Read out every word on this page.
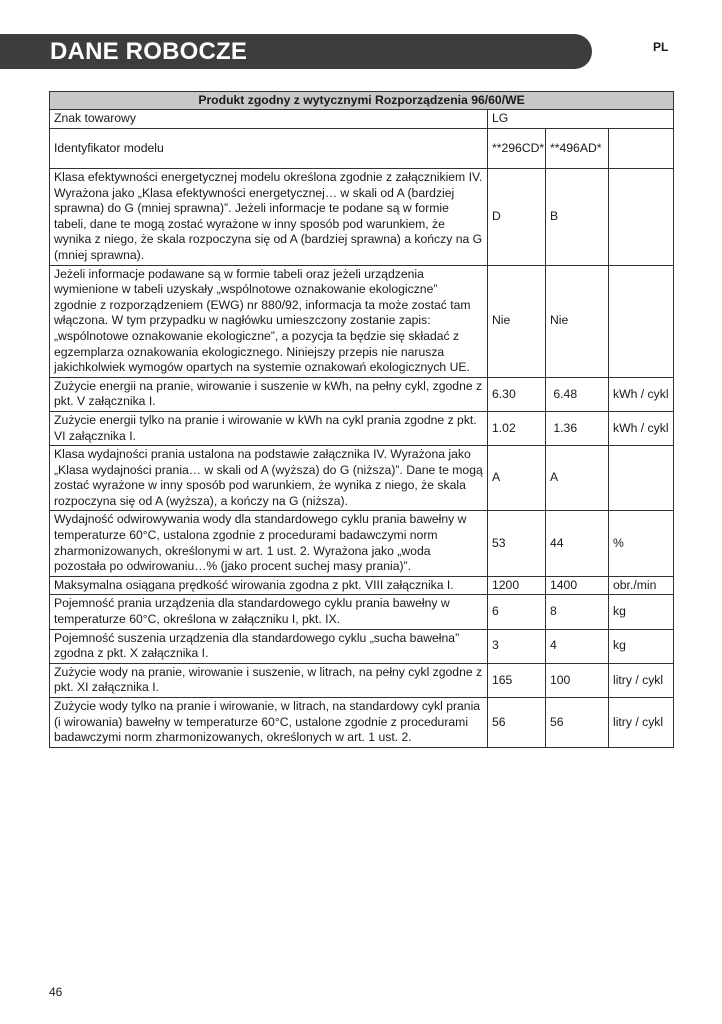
DANE ROBOCZE	PL
Produkt zgodny z wytycznymi Rozporządzenia 96/60/WE			
Znak towarowy	LG		
Identyfikator modelu	**296CD*	**496AD*	
Klasa efektywności energetycznej modelu określona zgodnie z załącznikiem IV. Wyrażona jako „Klasa efektywności energetycznej… w skali od A (bardziej sprawna) do G (mniej sprawna)”. Jeżeli informacje te podane są w formie tabeli, dane te mogą zostać wyrażone w inny sposób pod warunkiem, że wynika z niego, że skala rozpoczyna się od A (bardziej sprawna) a kończy na G (mniej sprawna).	D	B	
Jeżeli informacje podawane są w formie tabeli oraz jeżeli urządzenia wymienione w tabeli uzyskały „wspólnotowe oznakowanie ekologiczne” zgodnie z rozporządzeniem (EWG) nr 880/92, informacja ta może zostać tam włączona. W tym przypadku w nagłówku umieszczony zostanie zapis: „wspólnotowe oznakowanie ekologiczne”, a pozycja ta będzie się składać z egzemplarza oznakowania ekologicznego. Niniejszy przepis nie narusza jakichkolwiek wymogów opartych na systemie oznakowań ekologicznych UE.	Nie	Nie	
Zużycie energii na pranie, wirowanie i suszenie w kWh, na pełny cykl, zgodne z pkt. V załącznika I.	6.30	6.48	kWh / cykl
Zużycie energii tylko na pranie i wirowanie w kWh na cykl prania zgodne z pkt. VI załącznika I.	1.02	1.36	kWh / cykl
Klasa wydajności prania ustalona na podstawie załącznika IV. Wyrażona jako „Klasa wydajności prania… w skali od A (wyższa) do G (niższa)”. Dane te mogą zostać wyrażone w inny sposób pod warunkiem, że wynika z niego, że skala rozpoczyna się od A (wyższa), a kończy na G (niższa).	A	A	
Wydajność odwirowywania wody dla standardowego cyklu prania bawełny w temperaturze 60°C, ustalona zgodnie z procedurami badawczymi norm zharmonizowanych, określonymi w art. 1 ust. 2. Wyrażona jako „woda pozostała po odwirowaniu…% (jako procent suchej masy prania)”.	53	44	%
Maksymalna osiągana prędkość wirowania zgodna z pkt. VIII załącznika I.	1200	1400	obr./min
Pojemność prania urządzenia dla standardowego cyklu prania bawełny w temperaturze 60°C, określona w załączniku I, pkt. IX.	6	8	kg
Pojemność suszenia urządzenia dla standardowego cyklu „sucha bawełna” zgodna z pkt. X załącznika I.	3	4	kg
Zużycie wody na pranie, wirowanie i suszenie, w litrach, na pełny cykl zgodne z pkt. XI załącznika I.	165	100	litry / cykl
Zużycie wody tylko na pranie i wirowanie, w litrach, na standardowy cykl prania (i wirowania) bawełny w temperaturze 60°C, ustalone zgodnie z procedurami badawczymi norm zharmonizowanych, określonych w art. 1 ust. 2.	56	56	litry / cykl
46
